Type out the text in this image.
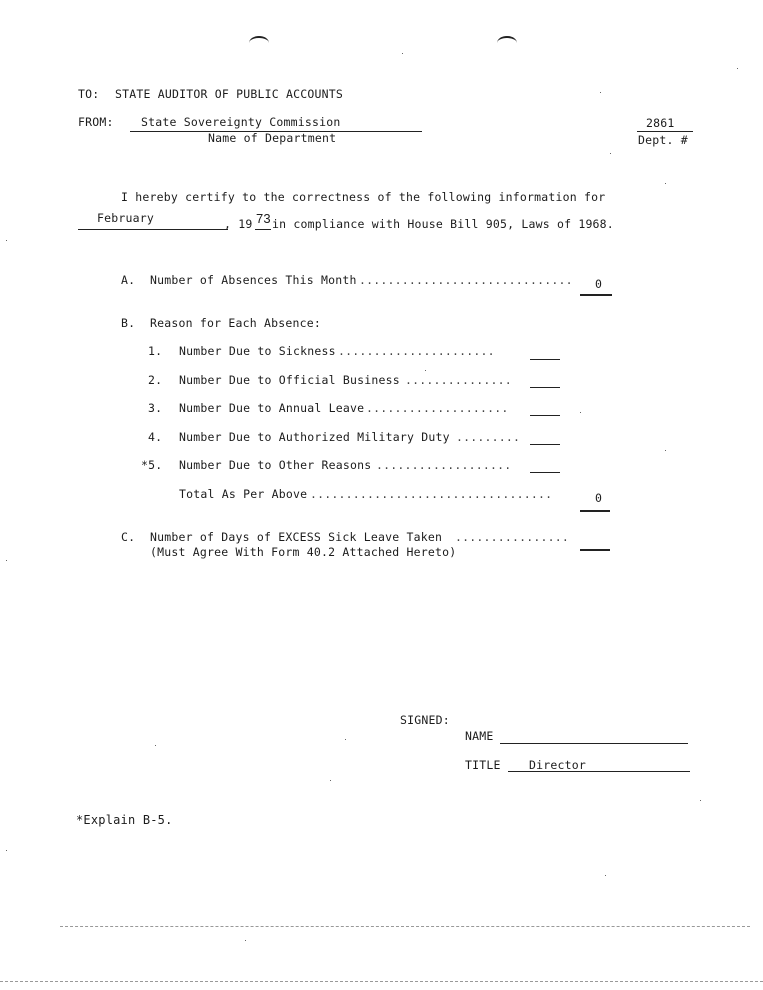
TO: STATE AUDITOR OF PUBLIC ACCOUNTS
FROM: State Sovereignty Commission
Name of Department
2861
Dept. #
I hereby certify to the correctness of the following information for
February	, 19 73 in compliance with House Bill 905, Laws of 1968.
A. Number of Absences This Month .............................. 0
B. Reason for Each Absence:
1. Number Due to Sickness ......................
2. Number Due to Official Business ...............
3. Number Due to Annual Leave ....................
4. Number Due to Authorized Military Duty .........
*5. Number Due to Other Reasons ...................
Total As Per Above ..................................	0
C. Number of Days of EXCESS Sick Leave Taken ................
(Must Agree With Form 40.2 Attached Hereto)
SIGNED:
NAME
TITLE Director
*Explain B-5.
